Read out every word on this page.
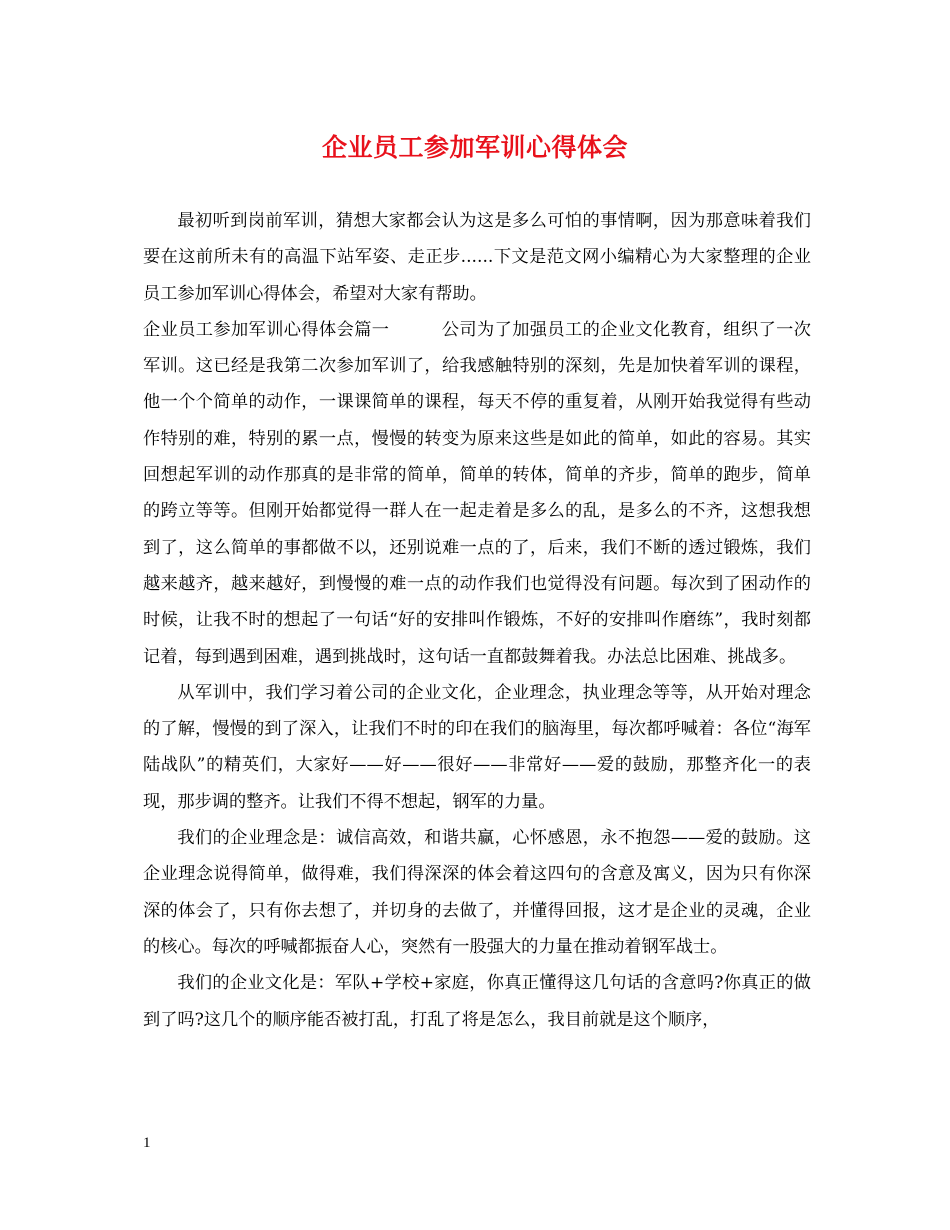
企业员工参加军训心得体会

最初听到岗前军训，猜想大家都会认为这是多么可怕的事情啊，因为那意味着我们要在这前所未有的高温下站军姿、走正步......下文是范文网小编精心为大家整理的企业员工参加军训心得体会，希望对大家有帮助。

企业员工参加军训心得体会篇一	公司为了加强员工的企业文化教育，组织了一次军训。这已经是我第二次参加军训了，给我感触特别的深刻，先是加快着军训的课程，他一个个简单的动作，一课课简单的课程，每天不停的重复着，从刚开始我觉得有些动作特别的难，特别的累一点，慢慢的转变为原来这些是如此的简单，如此的容易。其实回想起军训的动作那真的是非常的简单，简单的转体，简单的齐步，简单的跑步，简单的跨立等等。但刚开始都觉得一群人在一起走着是多么的乱，是多么的不齐，这想我想到了，这么简单的事都做不以，还别说难一点的了，后来，我们不断的透过锻炼，我们越来越齐，越来越好，到慢慢的难一点的动作我们也觉得没有问题。每次到了困动作的时候，让我不时的想起了一句话“好的安排叫作锻炼，不好的安排叫作磨练”，我时刻都记着，每到遇到困难，遇到挑战时，这句话一直都鼓舞着我。办法总比困难、挑战多。

从军训中，我们学习着公司的企业文化，企业理念，执业理念等等，从开始对理念的了解，慢慢的到了深入，让我们不时的印在我们的脑海里，每次都呼喊着：各位“海军陆战队”的精英们，大家好——好——很好——非常好——爱的鼓励，那整齐化一的表现，那步调的整齐。让我们不得不想起，钢军的力量。

我们的企业理念是：诚信高效，和谐共赢，心怀感恩，永不抱怨——爱的鼓励。这企业理念说得简单，做得难，我们得深深的体会着这四句的含意及寓义，因为只有你深深的体会了，只有你去想了，并切身的去做了，并懂得回报，这才是企业的灵魂，企业的核心。每次的呼喊都振奋人心，突然有一股强大的力量在推动着钢军战士。

我们的企业文化是：军队+学校+家庭，你真正懂得这几句话的含意吗?你真正的做到了吗?这几个的顺序能否被打乱，打乱了将是怎么，我目前就是这个顺序，

1
